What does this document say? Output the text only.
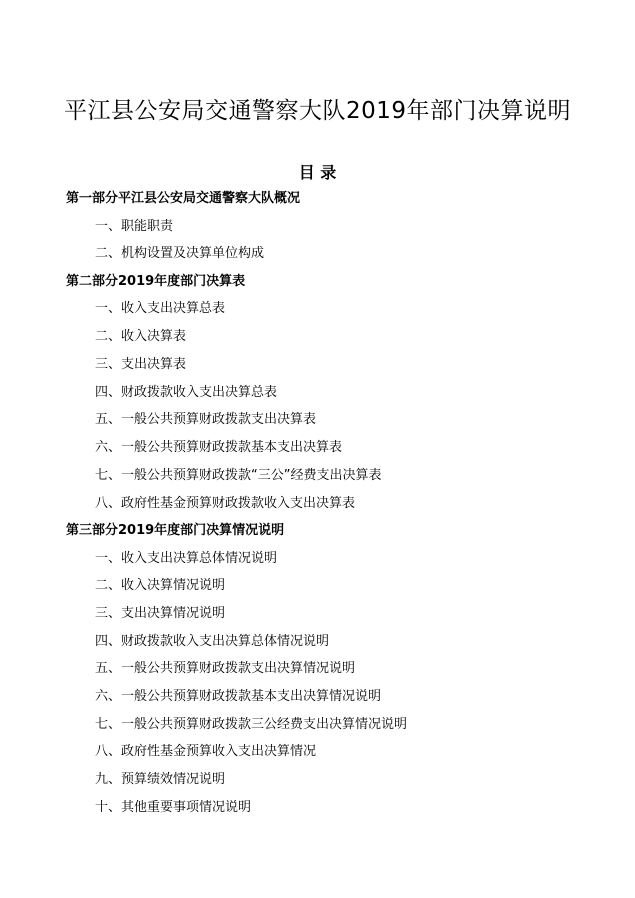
平江县公安局交通警察大队2019年部门决算说明
目 录
第一部分平江县公安局交通警察大队概况
一、职能职责
二、机构设置及决算单位构成
第二部分2019年度部门决算表
一、收入支出决算总表
二、收入决算表
三、支出决算表
四、财政拨款收入支出决算总表
五、一般公共预算财政拨款支出决算表
六、一般公共预算财政拨款基本支出决算表
七、一般公共预算财政拨款“三公”经费支出决算表
八、政府性基金预算财政拨款收入支出决算表
第三部分2019年度部门决算情况说明
一、收入支出决算总体情况说明
二、收入决算情况说明
三、支出决算情况说明
四、财政拨款收入支出决算总体情况说明
五、一般公共预算财政拨款支出决算情况说明
六、一般公共预算财政拨款基本支出决算情况说明
七、一般公共预算财政拨款三公经费支出决算情况说明
八、政府性基金预算收入支出决算情况
九、预算绩效情况说明
十、其他重要事项情况说明
